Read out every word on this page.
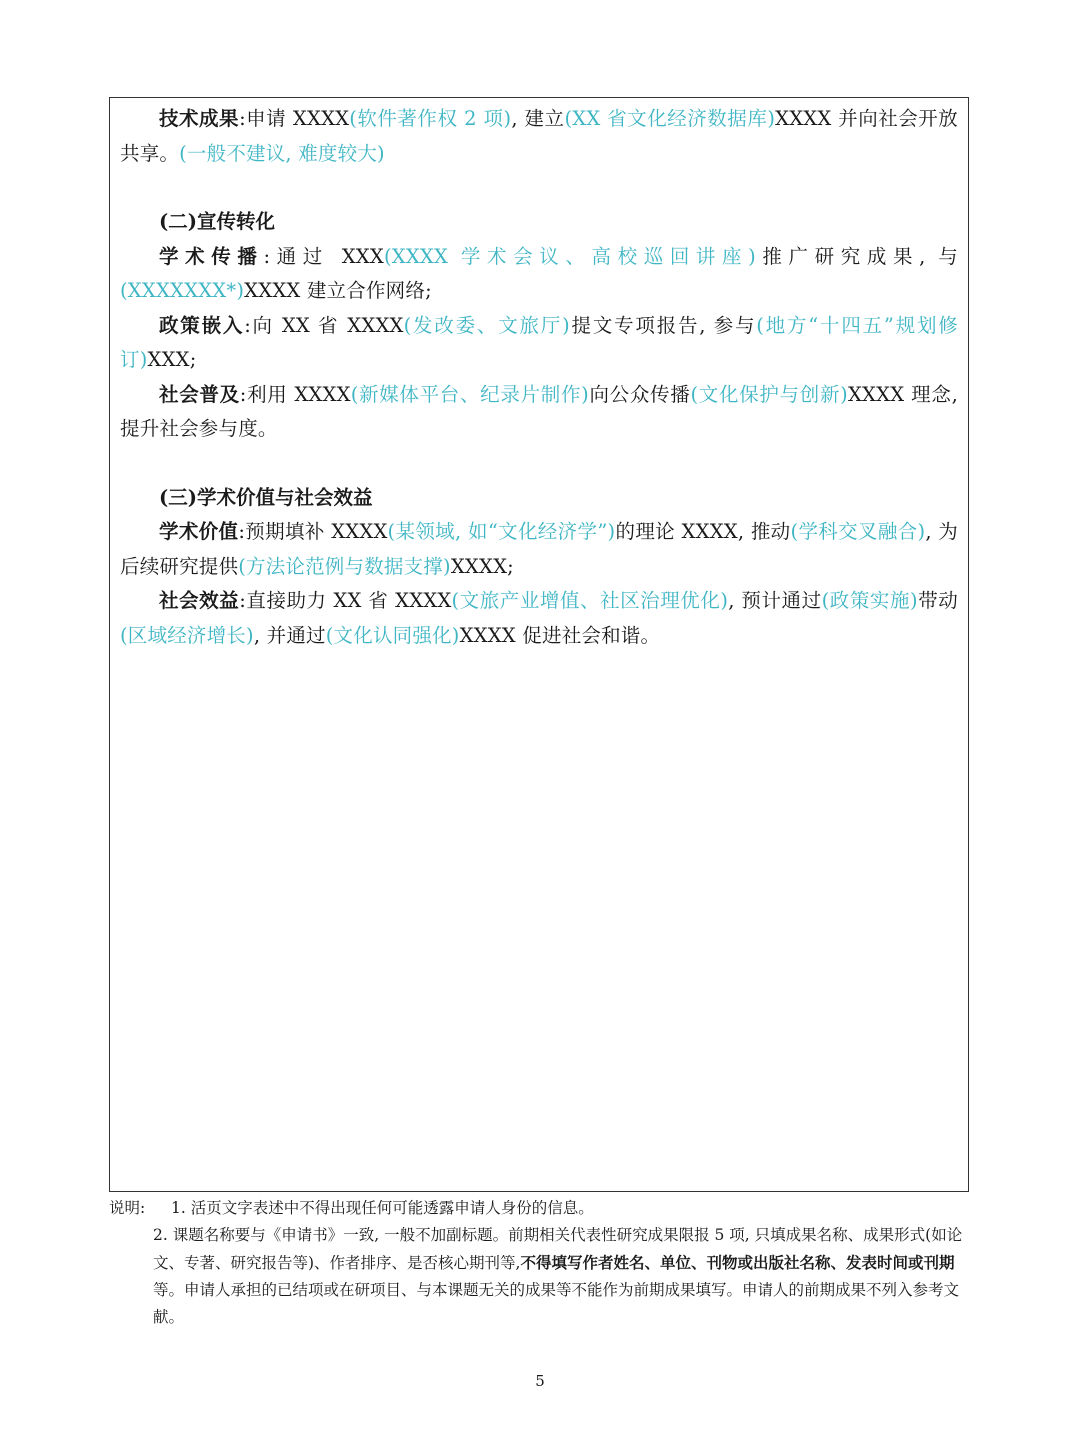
技术成果:申请 XXXX(软件著作权 2 项), 建立(XX 省文化经济数据库)XXXX 并向社会开放共享。(一般不建议, 难度较大)

(二)宣传转化

学术传播:通过 XXX(XXXX 学术会议、高校巡回讲座)推广研究成果, 与(XXXXXXX*)XXXX 建立合作网络;

政策嵌入:向 XX 省 XXXX(发改委、文旅厅)提文专项报告, 参与(地方“十四五”规划修订)XXX;

社会普及:利用 XXXX(新媒体平台、纪录片制作)向公众传播(文化保护与创新)XXXX 理念, 提升社会参与度。

(三)学术价值与社会效益

学术价值:预期填补 XXXX(某领域, 如“文化经济学”)的理论 XXXX, 推动(学科交叉融合), 为后续研究提供(方法论范例与数据支撑)XXXX;

社会效益:直接助力 XX 省 XXXX(文旅产业增值、社区治理优化), 预计通过(政策实施)带动(区域经济增长), 并通过(文化认同强化)XXXX 促进社会和谐。

说明:	1. 活页文字表述中不得出现任何可能透露申请人身份的信息。
2. 课题名称要与《申请书》一致, 一般不加副标题。前期相关代表性研究成果限报 5 项, 只填成果名称、成果形式(如论文、专著、研究报告等)、作者排序、是否核心期刊等,不得填写作者姓名、单位、刊物或出版社名称、发表时间或刊期等。申请人承担的已结项或在研项目、与本课题无关的成果等不能作为前期成果填写。申请人的前期成果不列入参考文献。
5
